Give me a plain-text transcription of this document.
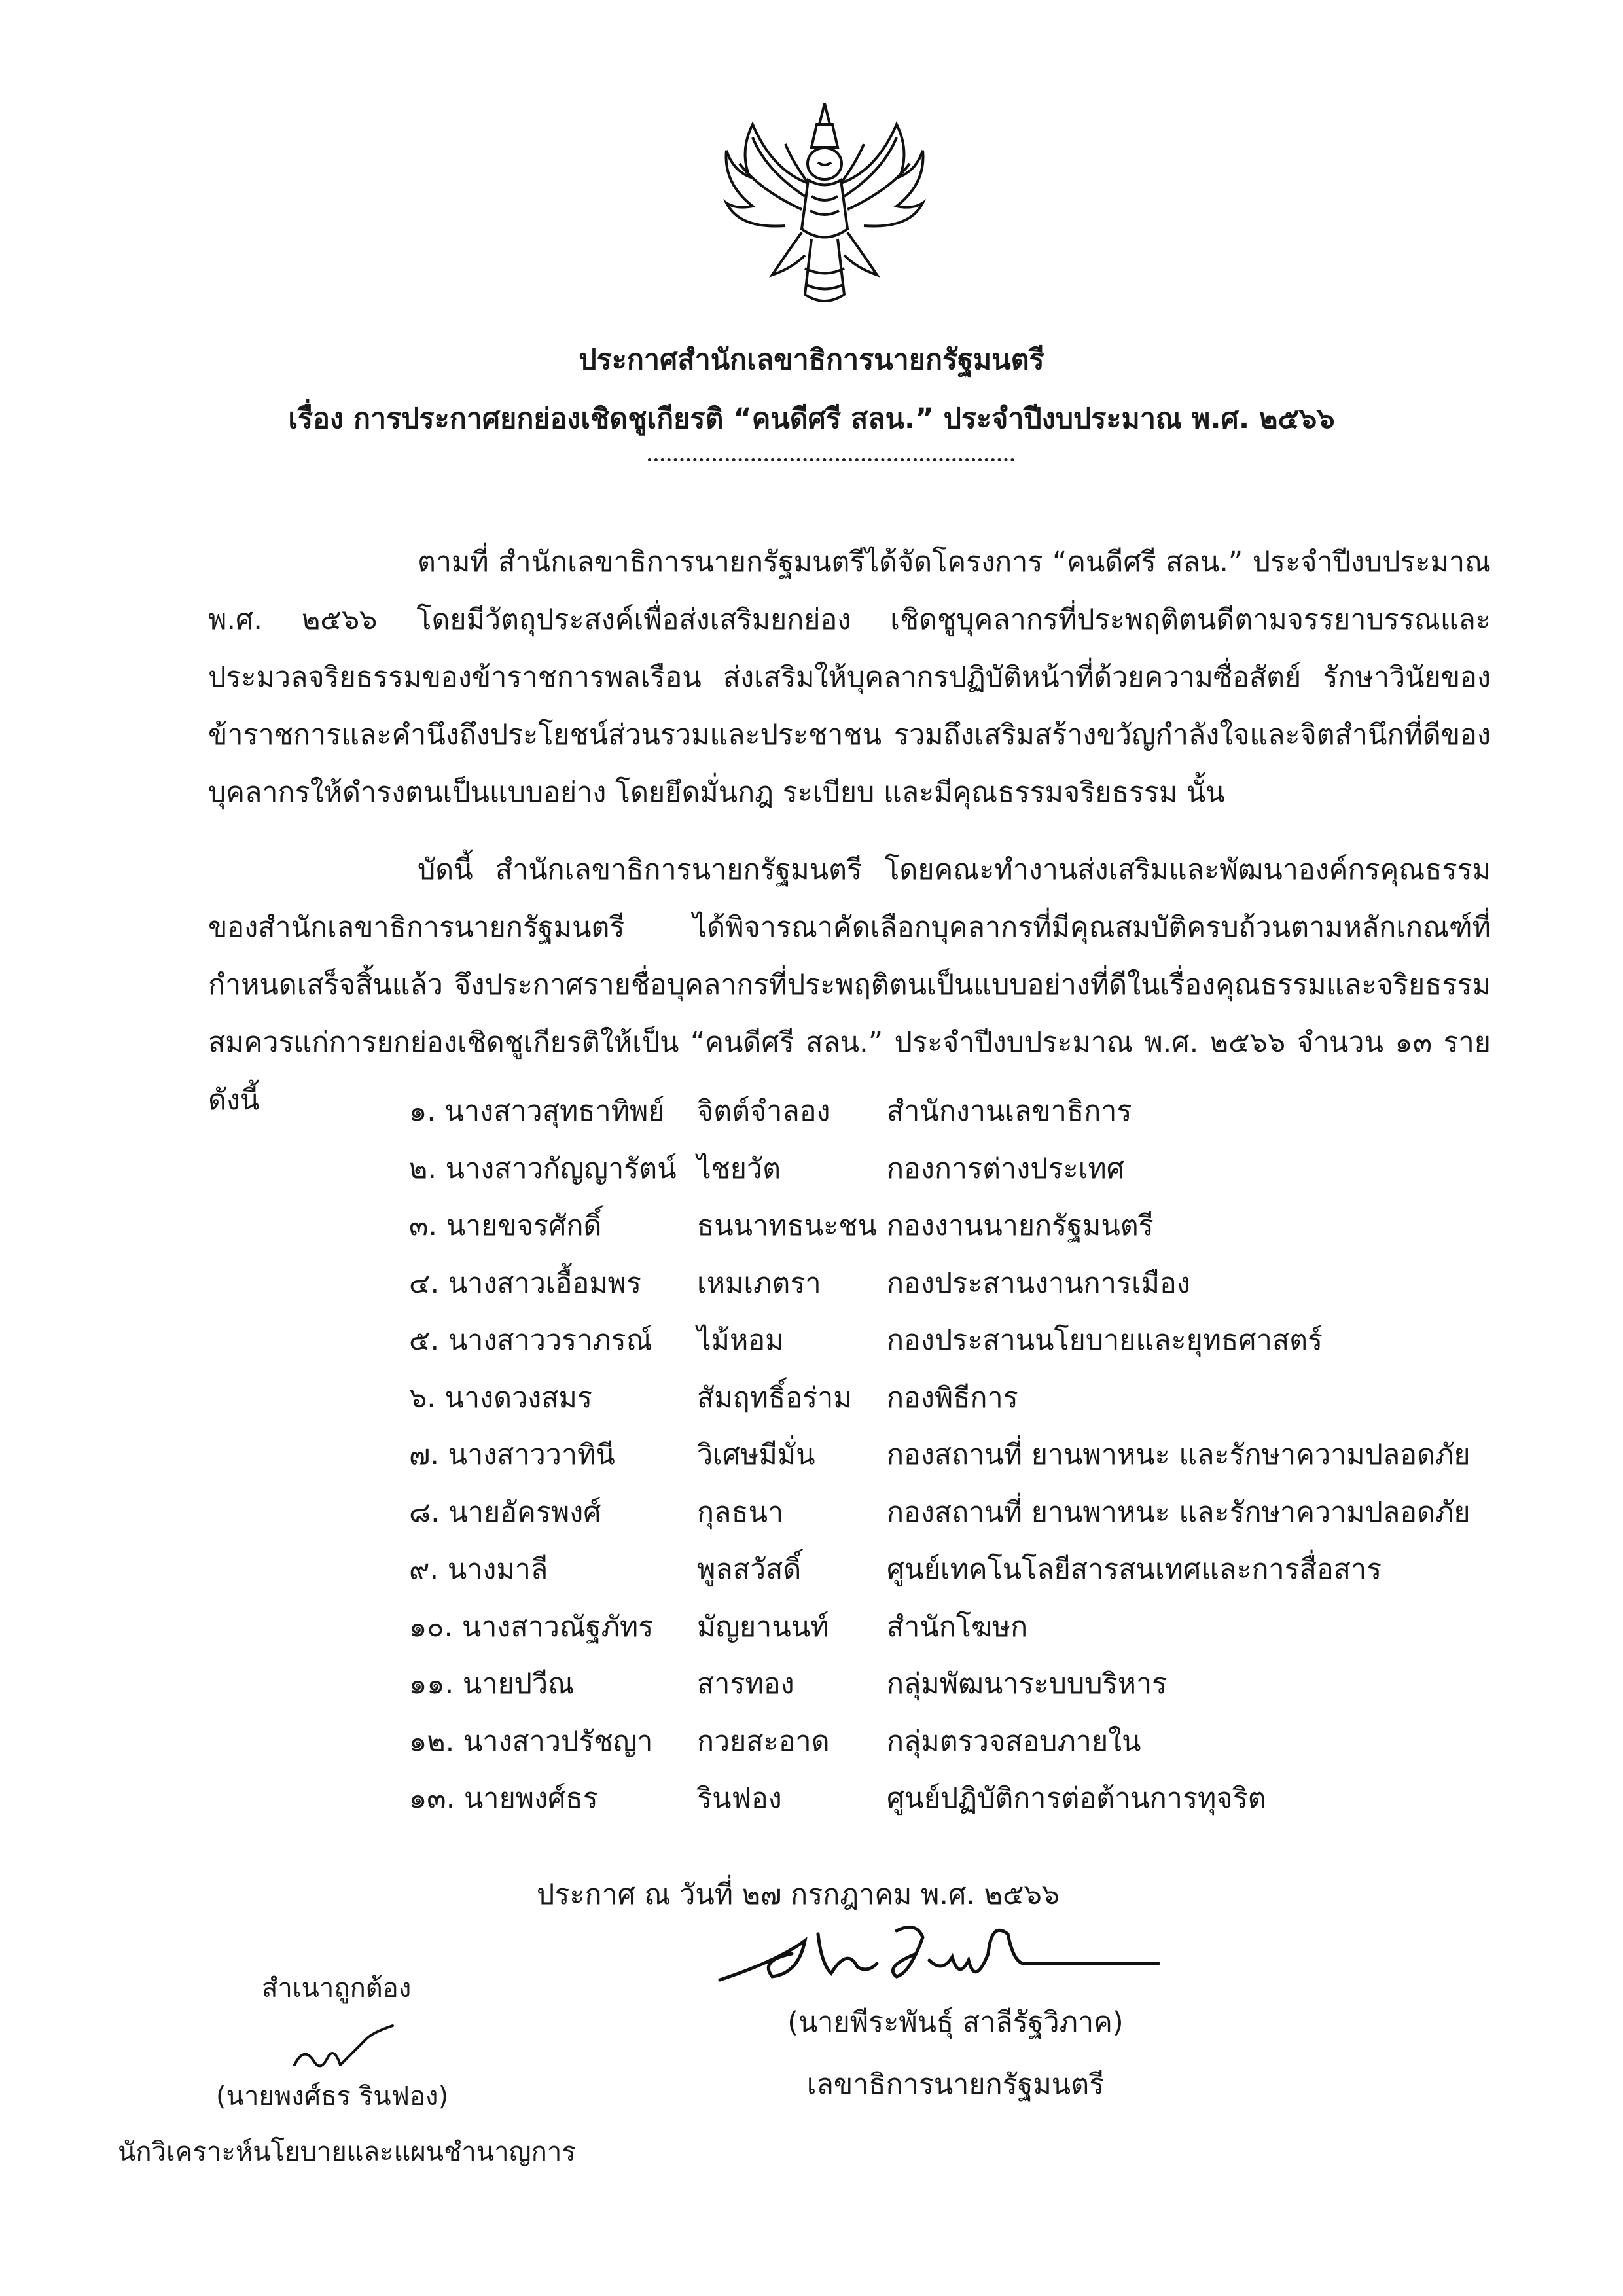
ประกาศสำนักเลขาธิการนายกรัฐมนตรี
เรื่อง การประกาศยกย่องเชิดชูเกียรติ “คนดีศรี สลน.” ประจำปีงบประมาณ พ.ศ. ๒๕๖๖
ตามที่ สำนักเลขาธิการนายกรัฐมนตรีได้จัดโครงการ “คนดีศรี สลน.” ประจำปีงบประมาณ พ.ศ. ๒๕๖๖ โดยมีวัตถุประสงค์เพื่อส่งเสริมยกย่อง เชิดชูบุคลากรที่ประพฤติตนดีตามจรรยาบรรณและประมวลจริยธรรมของข้าราชการพลเรือน ส่งเสริมให้บุคลากรปฏิบัติหน้าที่ด้วยความซื่อสัตย์ รักษาวินัยของข้าราชการและคำนึงถึงประโยชน์ส่วนรวมและประชาชน รวมถึงเสริมสร้างขวัญกำลังใจและจิตสำนึกที่ดีของบุคลากรให้ดำรงตนเป็นแบบอย่าง โดยยึดมั่นกฎ ระเบียบ และมีคุณธรรมจริยธรรม นั้น
บัดนี้ สำนักเลขาธิการนายกรัฐมนตรี โดยคณะทำงานส่งเสริมและพัฒนาองค์กรคุณธรรมของสำนักเลขาธิการนายกรัฐมนตรี ได้พิจารณาคัดเลือกบุคลากรที่มีคุณสมบัติครบถ้วนตามหลักเกณฑ์ที่กำหนดเสร็จสิ้นแล้ว จึงประกาศรายชื่อบุคลากรที่ประพฤติตนเป็นแบบอย่างที่ดีในเรื่องคุณธรรมและจริยธรรม สมควรแก่การยกย่องเชิดชูเกียรติให้เป็น “คนดีศรี สลน.” ประจำปีงบประมาณ พ.ศ. ๒๕๖๖ จำนวน ๑๓ ราย ดังนี้	๑. นางสาวสุทธาทิพย์ จิตต์จำลอง สำนักงานเลขาธิการ
๒. นางสาวกัญญารัตน์ ไชยวัต	กองการต่างประเทศ
๓. นายขจรศักดิ์	ธนนาทธนะชน กองงานนายกรัฐมนตรี
๔. นางสาวเอื้อมพร เหมเภตรา กองประสานงานการเมือง
๕. นางสาววราภรณ์ ไม้หอม	กองประสานนโยบายและยุทธศาสตร์
๖. นางดวงสมร	สัมฤทธิ์อร่าม กองพิธีการ
๗. นางสาววาทินี	วิเศษมีมั่น	กองสถานที่ ยานพาหนะ และรักษาความปลอดภัย
๘. นายอัครพงศ์	กุลธนา	กองสถานที่ ยานพาหนะ และรักษาความปลอดภัย
๙. นางมาลี	พูลสวัสดิ์	ศูนย์เทคโนโลยีสารสนเทศและการสื่อสาร
๑๐. นางสาวณัฐภัทร มัญยานนท์ สำนักโฆษก
๑๑. นายปวีณ	สารทอง	กลุ่มพัฒนาระบบบริหาร
๑๒. นางสาวปรัชญา กวยสะอาด กลุ่มตรวจสอบภายใน
๑๓. นายพงศ์ธร	รินฟอง	ศูนย์ปฏิบัติการต่อต้านการทุจริต
ประกาศ ณ วันที่ ๒๗ กรกฎาคม พ.ศ. ๒๕๖๖
(นายพีระพันธุ์ สาลีรัฐวิภาค)
เลขาธิการนายกรัฐมนตรี
สำเนาถูกต้อง
(นายพงศ์ธร รินฟอง)
นักวิเคราะห์นโยบายและแผนชำนาญการ
